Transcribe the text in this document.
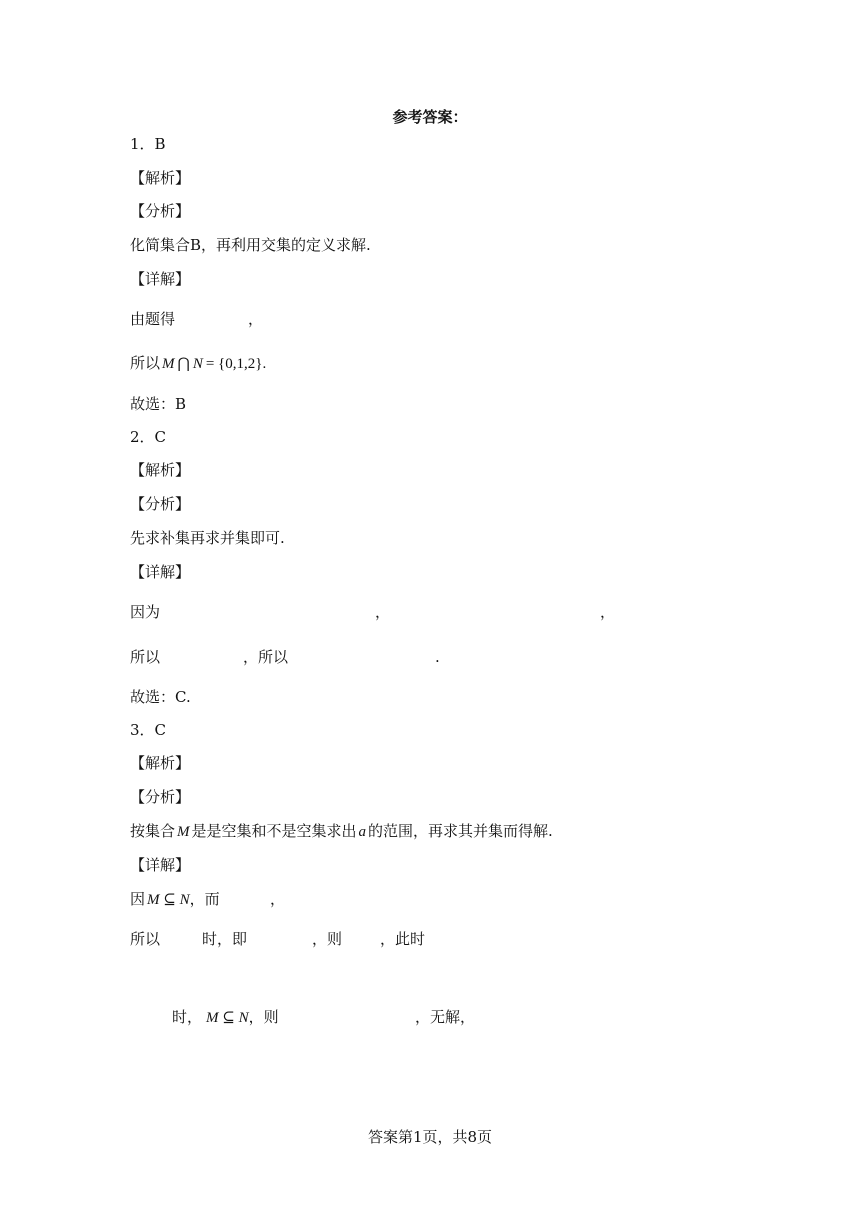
参考答案：
1．B
【解析】
【分析】
化简集合B，再利用交集的定义求解.
【详解】
由题得	，
所以 M ⋂ N = {0,1,2}.
故选：B
2．C
【解析】
【分析】
先求补集再求并集即可.
【详解】
因为	，	，
所以	，所以	.
故选：C.
3．C
【解析】
【分析】
按集合 M 是是空集和不是空集求出 a 的范围，再求其并集而得解.
【详解】
因 M ⊆ N，而	，
所以	时，即	，则	，此时
时， M ⊆ N，则	，无解，
答案第1页，共8页
